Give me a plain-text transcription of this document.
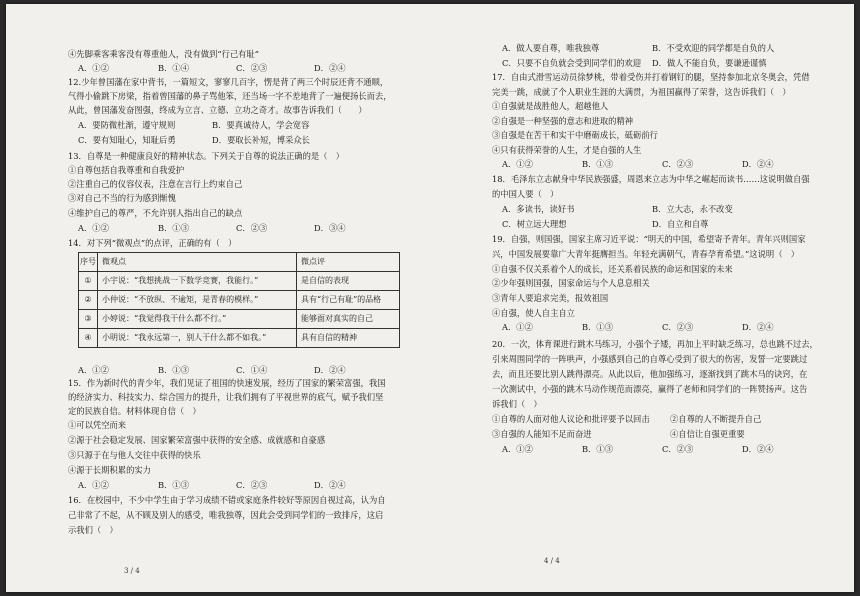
④先脚乘客乘客没有尊重他人，没有做到“行己有耻”
A．①②	B．①④	C．②③	D．②④
12.少年曾国藩在家中背书，一篇短文，寥寥几百字，愣是背了两三个时辰还背不通顺，
气得小偷跳下房梁，指着曾国藩的鼻子骂他笨，还当场一字不差地背了一遍便扬长而去，
从此，曾国藩发奋图强，终成为立言、立德、立功之奇才。故事告诉我们（　　）
A．要防微杜渐，遵守规则	B．要真诚待人，学会宽容
C．要有知耻心，知耻后勇	D．要取长补短，博采众长
13．自尊是一种健康良好的精神状态。下列关于自尊的说法正确的是（　）
①自尊包括自我尊重和自我爱护
②注重自己的仪容仪表，注意在言行上约束自己
③对自己不当的行为感到惭愧
④维护自己的尊严，不允许别人指出自己的缺点
A．①②	B．①③	C．②③	D．③④
14．对下列“微观点”的点评，正确的有（　）
序号	微观点	微点评
①	小宇说：“我想挑战一下数学竞赛，我能行。”	是自信的表现
②	小仲说：“不放纵、不逾矩，是青春的模样。”	具有“行己有耻”的品格
③	小婷说：“我觉得我干什么都不行。”	能够面对真实的自己
④	小明说：“我永远第一，别人干什么都不如我。”	具有自信的精神
A．①②	B．①③	C．①④	D．②④
15．作为新时代的青少年，我们见证了祖国的快速发展，经历了国家的繁荣富强，我国
的经济实力、科技实力、综合国力的提升，让我们拥有了平视世界的底气，赋予我们坚
定的民族自信。材料体现自信（　）
①可以凭空而来
②源于社会稳定发展、国家繁荣富强中获得的安全感、成就感和自豪感
③只源于在与他人交往中获得的快乐
④源于长期积累的实力
A．①②	B．①③	C．②③	D．②④
16．在校园中，不少中学生由于学习成绩不错或家庭条件较好等原因自视过高，认为自
己非常了不起，从不顾及别人的感受，唯我独尊，因此会受到同学们的一致排斥，这启
示我们（　）
3 / 4
A．做人要自尊，唯我独尊	B．不受欢迎的同学都是自负的人
C．只要不自负就会受到同学们的欢迎 D．做人不能自负，要谦逊谨慎
17．自由式滑雪运动员徐梦桃，带着受伤并打着钢钉的腿，坚持参加北京冬奥会，凭借
完美一跳，成就了个人职业生涯的大满贯，为祖国赢得了荣誉，这告诉我们（　）
①自强就是战胜他人，超越他人
②自强是一种坚强的意志和进取的精神
③自强是在苦干和实干中磨砺成长，砥砺前行
④只有获得荣誉的人生，才是自强的人生
A．①②	B．①③	C．②③	D．②④
18．毛泽东立志献身中华民族强盛，周恩来立志为中华之崛起而读书……这说明做自强
的中国人要（　）
A．多读书，读好书	B．立大志，永不改变
C．树立远大理想	D．自立和自尊
19．自强，则国强，国家主席习近平说：“明天的中国，希望寄予青年。青年兴则国家
兴，中国发展要靠广大青年挺膺担当。年轻充满朝气，青春孕育希望。”这说明（　）
①自强不仅关系着个人的成长，还关系着民族的命运和国家的未来
②少年强则国强，国家命运与个人息息相关
③青年人要追求完美，报效祖国
④自强，使人自主自立
A．①②	B．①③	C．②③	D．②④
20．一次，体育课进行跳木马练习，小强个子矮，再加上平时缺乏练习，总也跳不过去，
引来周围同学的一阵哄声，小强感到自己的自尊心受到了很大的伤害，发誓一定要跳过
去，而且还要比别人跳得漂亮。从此以后，他加强练习，逐渐找到了跳木马的诀窍，在
一次测试中，小强的跳木马动作规范而漂亮，赢得了老师和同学们的一阵赞扬声。这告
诉我们（　）
①自尊的人面对他人议论和批评要予以回击 ②自尊的人不断提升自己
③自强的人能知不足而奋进	④自信让自强更重要
A．①②	B．①③	C．②③	D．②④
4 / 4
